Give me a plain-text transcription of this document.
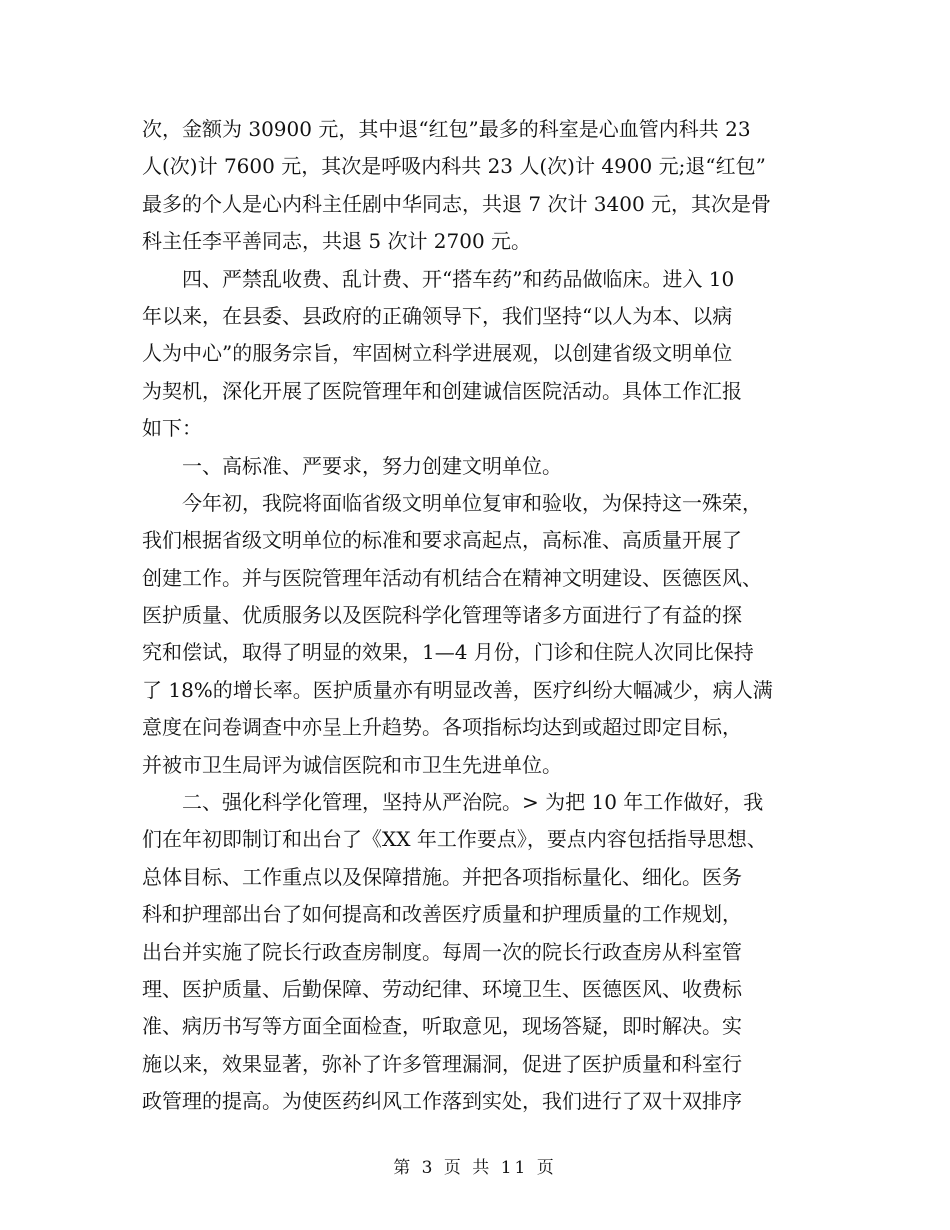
次，金额为 30900 元，其中退“红包”最多的科室是心血管内科共 23
人(次)计 7600 元，其次是呼吸内科共 23 人(次)计 4900 元;退“红包”
最多的个人是心内科主任剧中华同志，共退 7 次计 3400 元，其次是骨
科主任李平善同志，共退 5 次计 2700 元。
　　四、严禁乱收费、乱计费、开“搭车药”和药品做临床。进入 10
年以来，在县委、县政府的正确领导下，我们坚持“以人为本、以病
人为中心”的服务宗旨，牢固树立科学进展观，以创建省级文明单位
为契机，深化开展了医院管理年和创建诚信医院活动。具体工作汇报
如下：
　　一、高标准、严要求，努力创建文明单位。
　　今年初，我院将面临省级文明单位复审和验收，为保持这一殊荣，
我们根据省级文明单位的标准和要求高起点，高标准、高质量开展了
创建工作。并与医院管理年活动有机结合在精神文明建设、医德医风、
医护质量、优质服务以及医院科学化管理等诸多方面进行了有益的探
究和偿试，取得了明显的效果，1—4 月份，门诊和住院人次同比保持
了 18%的增长率。医护质量亦有明显改善，医疗纠纷大幅减少，病人满
意度在问卷调查中亦呈上升趋势。各项指标均达到或超过即定目标，
并被市卫生局评为诚信医院和市卫生先进单位。
　　二、强化科学化管理，坚持从严治院。> 为把 10 年工作做好，我
们在年初即制订和出台了《XX 年工作要点》，要点内容包括指导思想、
总体目标、工作重点以及保障措施。并把各项指标量化、细化。医务
科和护理部出台了如何提高和改善医疗质量和护理质量的工作规划，
出台并实施了院长行政查房制度。每周一次的院长行政查房从科室管
理、医护质量、后勤保障、劳动纪律、环境卫生、医德医风、收费标
准、病历书写等方面全面检查，听取意见，现场答疑，即时解决。实
施以来，效果显著，弥补了许多管理漏洞，促进了医护质量和科室行
政管理的提高。为使医药纠风工作落到实处，我们进行了双十双排序
第 3 页 共 11 页
